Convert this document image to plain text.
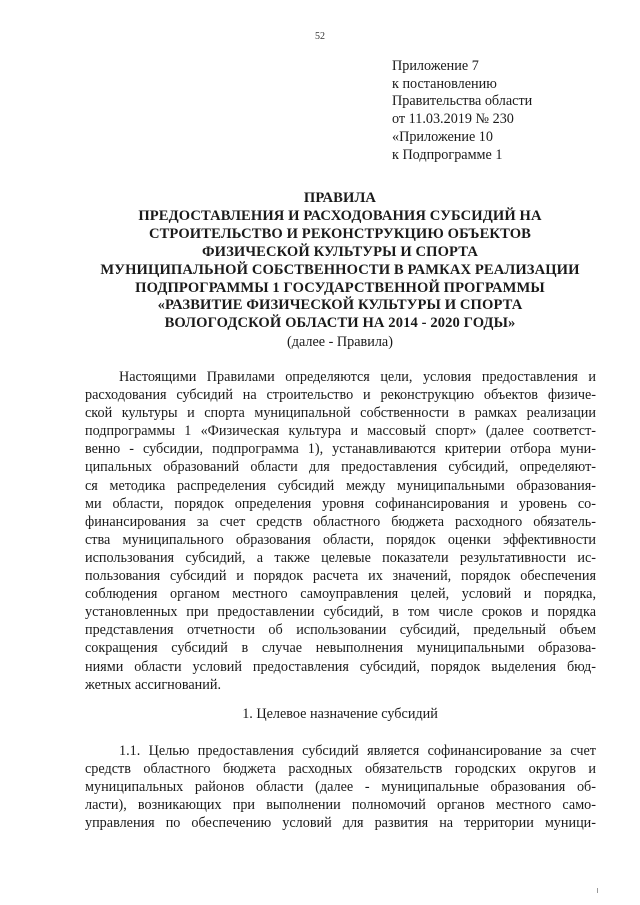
52
Приложение 7
к постановлению
Правительства области
от 11.03.2019 № 230
«Приложение 10
к Подпрограмме 1
ПРАВИЛА
ПРЕДОСТАВЛЕНИЯ И РАСХОДОВАНИЯ СУБСИДИЙ НА
СТРОИТЕЛЬСТВО И РЕКОНСТРУКЦИЮ ОБЪЕКТОВ
ФИЗИЧЕСКОЙ КУЛЬТУРЫ И СПОРТА
МУНИЦИПАЛЬНОЙ СОБСТВЕННОСТИ В РАМКАХ РЕАЛИЗАЦИИ
ПОДПРОГРАММЫ 1 ГОСУДАРСТВЕННОЙ ПРОГРАММЫ
«РАЗВИТИЕ ФИЗИЧЕСКОЙ КУЛЬТУРЫ И СПОРТА
ВОЛОГОДСКОЙ ОБЛАСТИ НА 2014 - 2020 ГОДЫ»
(далее - Правила)
Настоящими Правилами определяются цели, условия предоставления и
расходования субсидий на строительство и реконструкцию объектов физиче-
ской культуры и спорта муниципальной собственности в рамках реализации
подпрограммы 1 «Физическая культура и массовый спорт» (далее соответст-
венно - субсидии, подпрограмма 1), устанавливаются критерии отбора муни-
ципальных образований области для предоставления субсидий, определяют-
ся методика распределения субсидий между муниципальными образования-
ми области, порядок определения уровня софинансирования и уровень со-
финансирования за счет средств областного бюджета расходного обязатель-
ства муниципального образования области, порядок оценки эффективности
использования субсидий, а также целевые показатели результативности ис-
пользования субсидий и порядок расчета их значений, порядок обеспечения
соблюдения органом местного самоуправления целей, условий и порядка,
установленных при предоставлении субсидий, в том числе сроков и порядка
представления отчетности об использовании субсидий, предельный объем
сокращения субсидий в случае невыполнения муниципальными образова-
ниями области условий предоставления субсидий, порядок выделения бюд-
жетных ассигнований.
1. Целевое назначение субсидий
1.1. Целью предоставления субсидий является софинансирование за счет
средств областного бюджета расходных обязательств городских округов и
муниципальных районов области (далее - муниципальные образования об-
ласти), возникающих при выполнении полномочий органов местного само-
управления по обеспечению условий для развития на территории муници-
